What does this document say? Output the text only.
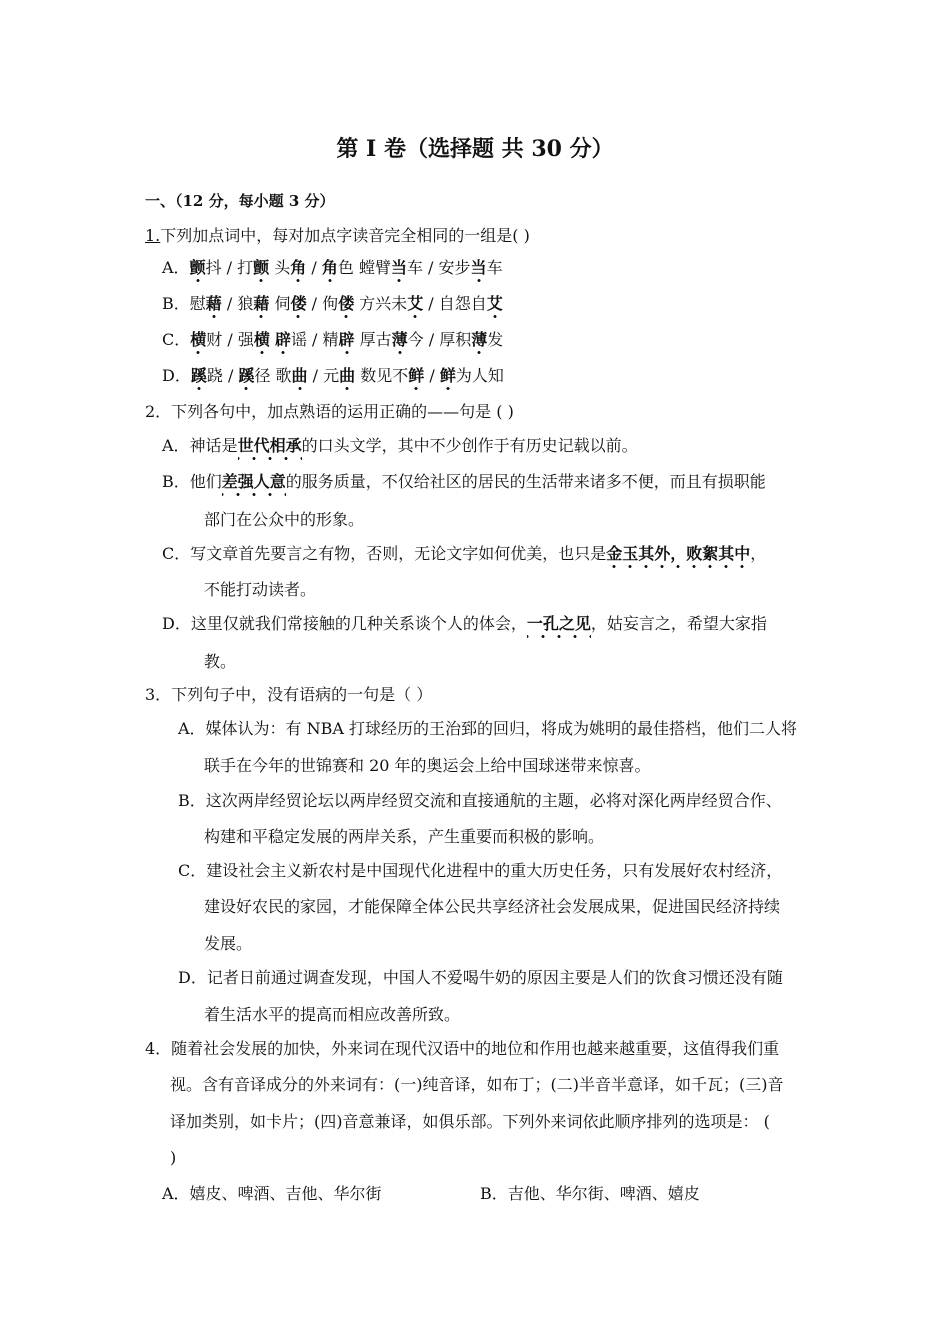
第 I 卷（选择题 共 30 分）
一、（12 分，每小题 3 分）
1.下列加点词中，每对加点字读音完全相同的一组是( )
A．颤抖 / 打颤 头角 / 角色 螳臂当车 / 安步当车
B．慰藉 / 狼藉 伺偻 / 佝偻 方兴未艾 / 自怨自艾
C．横财 / 强横 辟谣 / 精辟 厚古薄今 / 厚积薄发
D．蹊跷 / 蹊径 歌曲 / 元曲 数见不鲜 / 鲜为人知
2．下列各句中，加点熟语的运用正确的——句是 ( )
A．神话是世代相承的口头文学，其中不少创作于有历史记载以前。
B．他们差强人意的服务质量，不仅给社区的居民的生活带来诸多不便，而且有损职能
部门在公众中的形象。
C．写文章首先要言之有物，否则，无论文字如何优美，也只是金玉其外，败絮其中，
不能打动读者。
D．这里仅就我们常接触的几种关系谈个人的体会，一孔之见，姑妄言之，希望大家指
教。
3．下列句子中，没有语病的一句是（ ）
A．媒体认为：有 NBA 打球经历的王治郅的回归，将成为姚明的最佳搭档，他们二人将
联手在今年的世锦赛和 20 年的奥运会上给中国球迷带来惊喜。
B．这次两岸经贸论坛以两岸经贸交流和直接通航的主题，必将对深化两岸经贸合作、
构建和平稳定发展的两岸关系，产生重要而积极的影响。
C．建设社会主义新农村是中国现代化进程中的重大历史任务，只有发展好农村经济，
建设好农民的家园，才能保障全体公民共享经济社会发展成果，促进国民经济持续
发展。
D．记者日前通过调查发现，中国人不爱喝牛奶的原因主要是人们的饮食习惯还没有随
着生活水平的提高而相应改善所致。
4．随着社会发展的加快，外来词在现代汉语中的地位和作用也越来越重要，这值得我们重
视。含有音译成分的外来词有：(一)纯音译，如布丁；(二)半音半意译，如千瓦；(三)音
译加类别，如卡片；(四)音意兼译，如俱乐部。下列外来词依此顺序排列的选项是： (
)
A．嬉皮、啤酒、吉他、华尔街	B．吉他、华尔街、啤酒、嬉皮
